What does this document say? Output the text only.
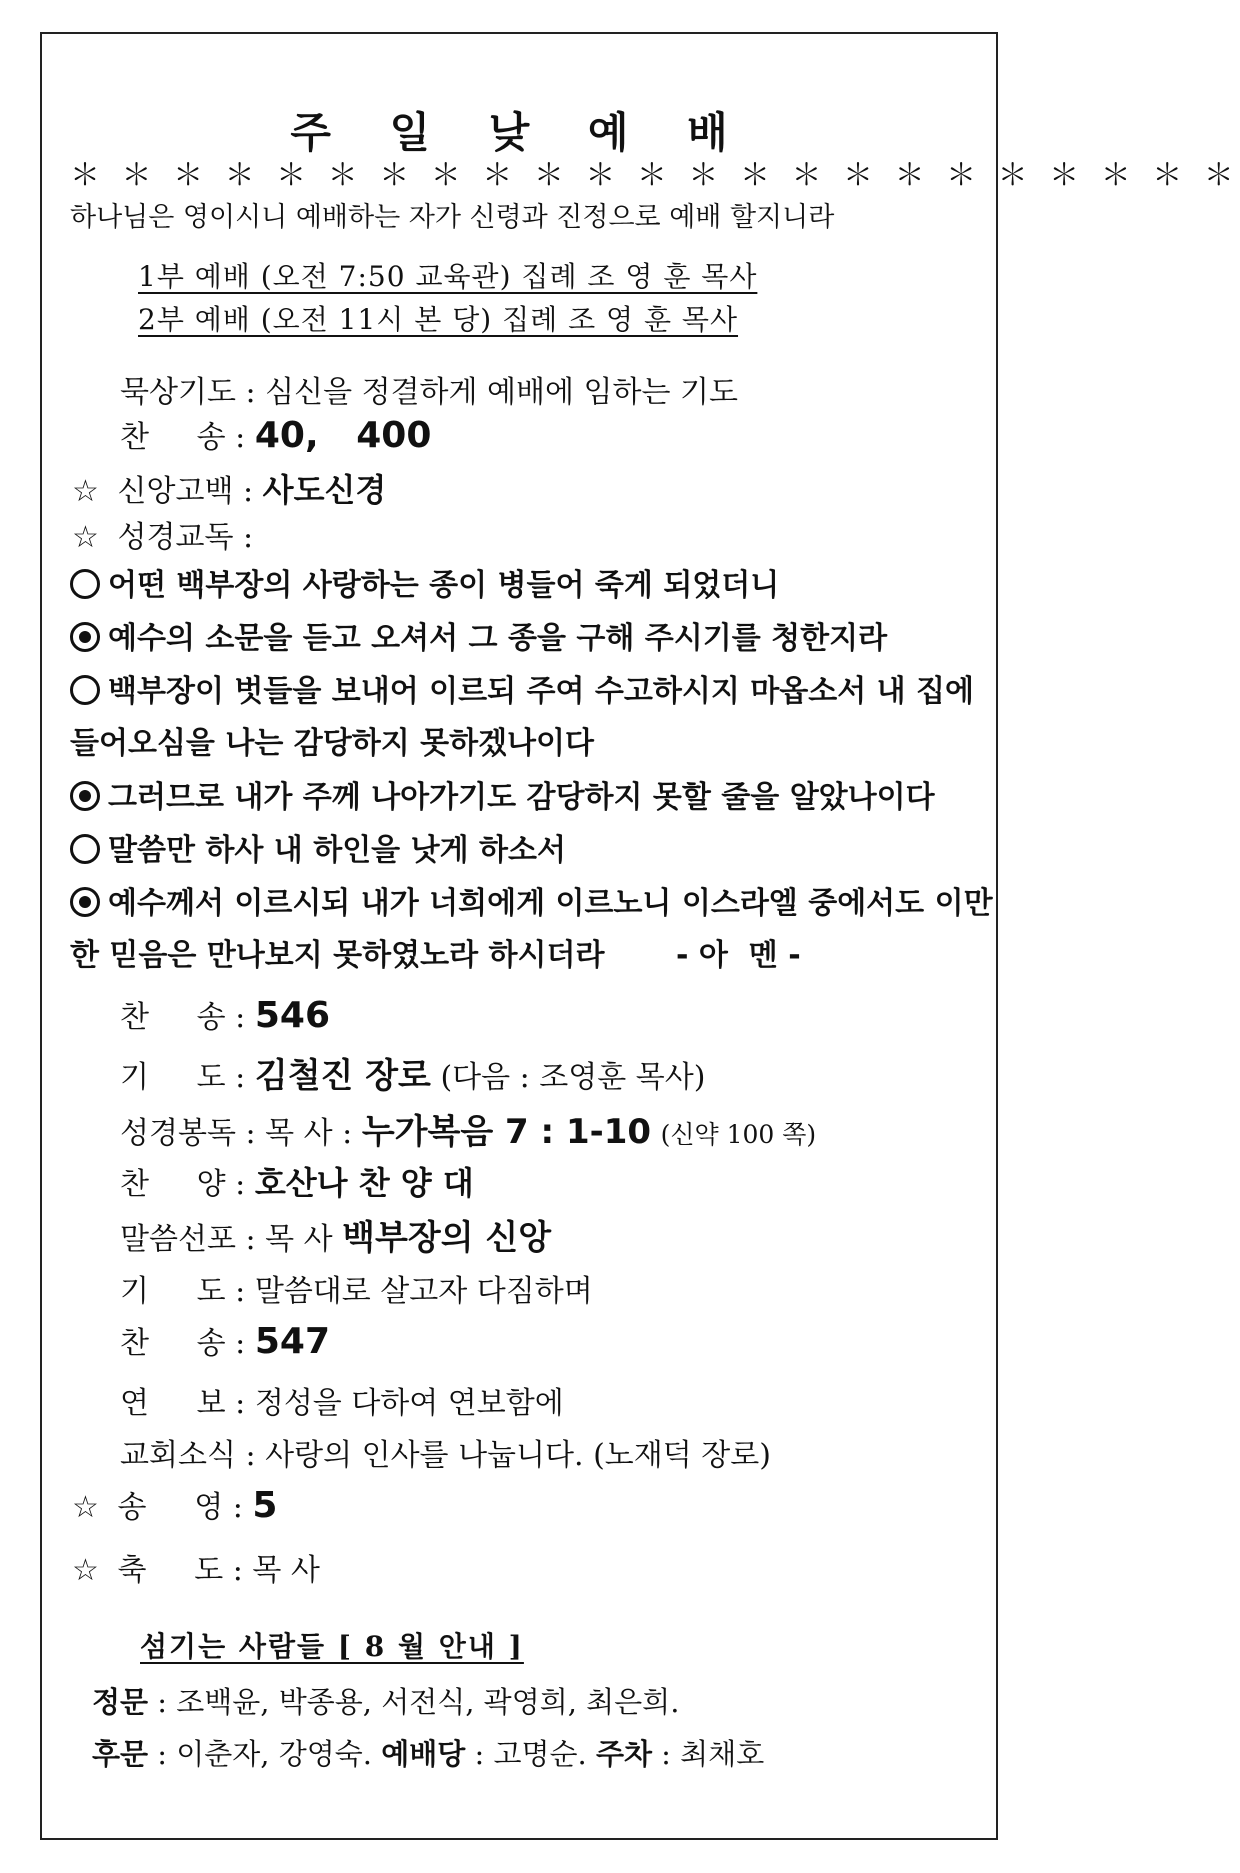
주 일 낮 예 배
＊ ＊ ＊ ＊ ＊ ＊ ＊ ＊ ＊ ＊ ＊ ＊ ＊ ＊ ＊ ＊ ＊ ＊ ＊ ＊ ＊ ＊ ＊
하나님은 영이시니 예배하는 자가 신령과 진정으로 예배 할지니라
1부 예배 (오전 7:50 교육관) 집례 조 영 훈 목사
2부 예배 (오전 11시 본 당) 집례 조 영 훈 목사
묵상기도 : 심신을 정결하게 예배에 임하는 기도
찬     송 : 40,   400
☆ 신앙고백 : 사도신경
☆ 성경교독 :
어떤 백부장의 사랑하는 종이 병들어 죽게 되었더니
예수의 소문을 듣고 오셔서 그 종을 구해 주시기를 청한지라
백부장이 벗들을 보내어 이르되 주여 수고하시지 마옵소서 내 집에
들어오심을 나는 감당하지 못하겠나이다
그러므로 내가 주께 나아가기도 감당하지 못할 줄을 알았나이다
말씀만 하사 내 하인을 낫게 하소서
예수께서 이르시되 내가 너희에게 이르노니 이스라엘 중에서도 이만
한 믿음은 만나보지 못하였노라 하시더라 - 아  멘 -
찬     송 : 546
기     도 : 김철진 장로 (다음 : 조영훈 목사)
성경봉독 : 목 사 : 누가복음 7 : 1-10 (신약 100 쪽)
찬     양 : 호산나 찬 양 대
말씀선포 : 목 사 백부장의 신앙
기     도 : 말씀대로 살고자 다짐하며
찬     송 : 547
연     보 : 정성을 다하여 연보함에
교회소식 : 사랑의 인사를 나눕니다. (노재덕 장로)
☆ 송     영 : 5
☆ 축     도 : 목 사
섬기는 사람들 [ 8 월 안내 ]
정문 : 조백윤, 박종용, 서전식, 곽영희, 최은희.
후문 : 이춘자, 강영숙. 예배당 : 고명순. 주차 : 최채호
